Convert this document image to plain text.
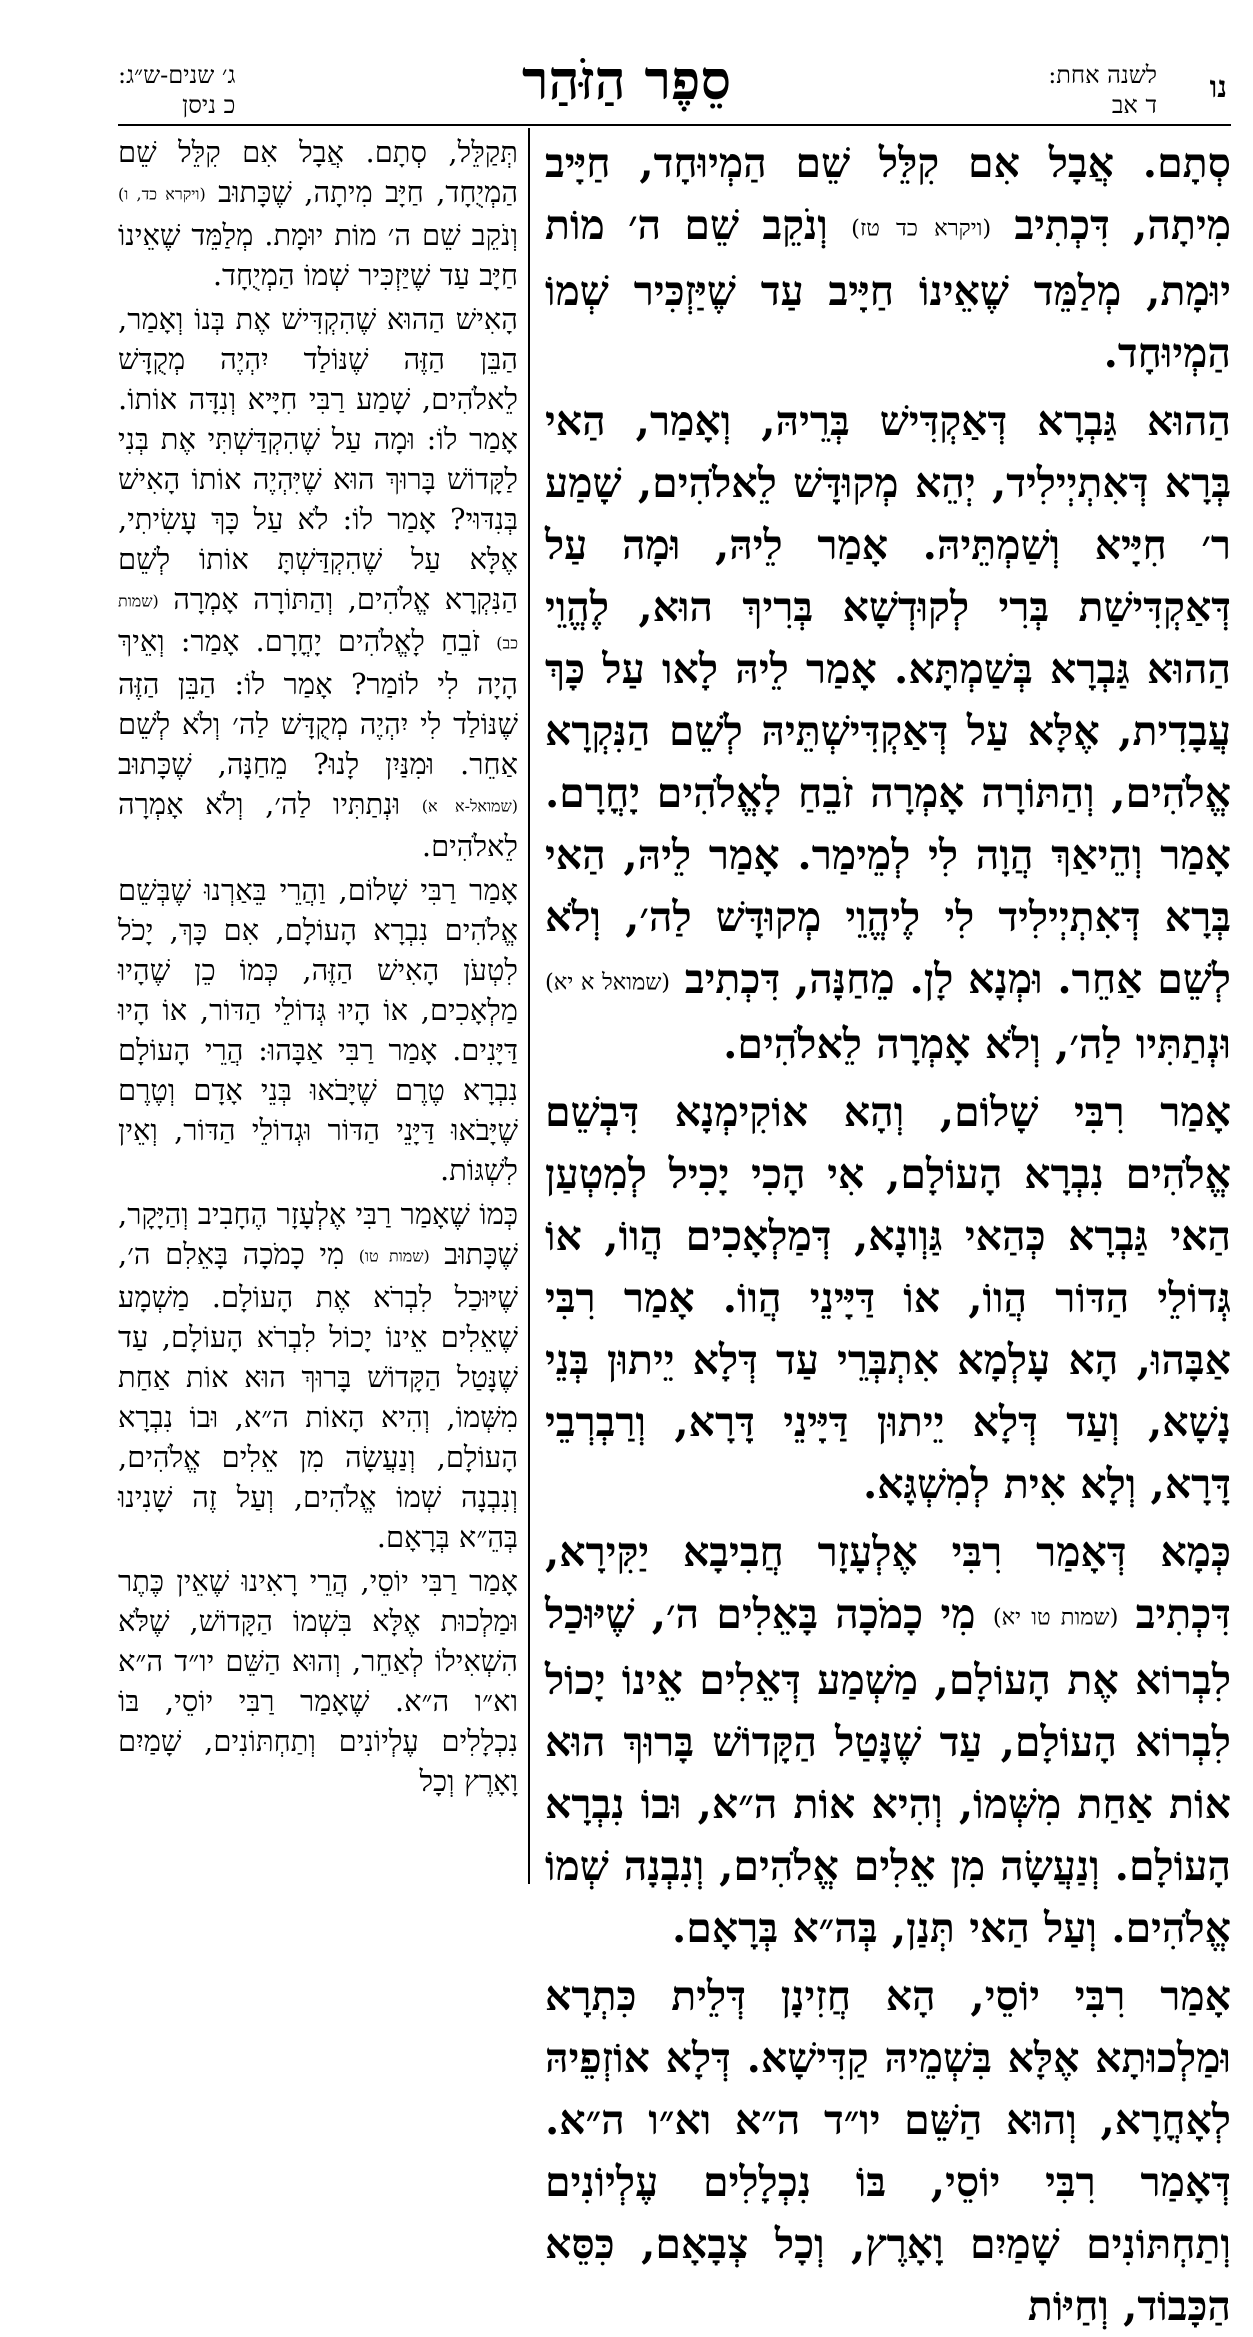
נו
לשנה אחת:
ד אב
סֵפֶר הַזֹּהַר
ג׳ שנים-ש״ג:
כ ניסן

סְתָם. אֲבָל אִם קִלֵּל שֵׁם הַמְיוּחָד, חַיָּיב מִיתָה, דִּכְתִיב (ויקרא כד טז) וְנֹקֵב שֵׁם ה׳ מוֹת יוּמָת, מְלַמֵּד שֶׁאֵינוֹ חַיָּיב עַד שֶׁיַּזְכִּיר שְׁמוֹ הַמְיוּחָד.

הַהוּא גַּבְרָא דְּאַקְדִּישׁ בְּרֵיהּ, וְאָמַר, הַאי בְּרָא דְּאִתְיְילִיד, יְהֵא מְקוּדָּשׁ לֵאלֹהִים, שָׁמַע ר׳ חִיָּיא וְשַׁמְתֵּיהּ. אָמַר לֵיהּ, וּמָה עַל דְּאַקְדִּישַׁת בְּרִי לְקוּדְשָׁא בְּרִיךְ הוּא, לֶהֱוֵי הַהוּא גַּבְרָא בְּשַׁמְתָּא. אָמַר לֵיהּ לָאו עַל כָּךְ עֲבָדִית, אֶלָּא עַל דְּאַקְדִּישְׁתֵּיהּ לְשֵׁם הַנִּקְרָא אֱלֹהִים, וְהַתּוֹרָה אָמְרָה זֹבֵחַ לָאֱלֹהִים יָחֳרָם. אָמַר וְהֵיאַךְ הֲוָה לִי לְמֵימַר. אָמַר לֵיהּ, הַאי בְּרָא דְּאִתְיְילִיד לִי לֶיהֱוֵי מְקוּדָּשׁ לַה׳, וְלֹא לְשֵׁם אַחֵר. וּמְנָא לָן. מֵחַנָּה, דִּכְתִיב (שמואל א יא) וּנְתַתִּיו לַה׳, וְלֹא אָמְרָה לֵאלֹהִים.

אָמַר רִבִּי שָׁלוֹם, וְהָא אוֹקִימְנָא דִּבְשֵׁם אֱלֹהִים נִבְרָא הָעוֹלָם, אִי הָכִי יָכִיל לְמִטְעַן הַאי גַּבְרָא כְּהַאי גַּוְונָא, דְּמַלְאָכִים הֲווֹ, אוֹ גְּדוֹלֵי הַדּוֹר הֲווֹ, אוֹ דַּיָּינֵי הֲווֹ. אָמַר רִבִּי אַבָּהוּ, הָא עָלְמָא אִתְבְּרֵי עַד דְּלָא יֵיתוּן בְּנֵי נָשָׁא, וְעַד דְּלָא יֵיתוּן דַּיָּינֵי דָּרָא, וְרַבְרְבֵי דָּרָא, וְלָא אִית לְמִשְׁגָּא.

כְּמָא דְּאָמַר רִבִּי אֶלְעָזָר חֲבִיבָא יַקִּירָא, דִּכְתִיב (שמות טו יא) מִי כָמֹכָה בָּאֵלִים ה׳, שֶׁיּוּכַל לִבְרוֹא אֶת הָעוֹלָם, מַשְׁמַע דְּאֵלִים אֵינוֹ יָכוֹל לִבְרוֹא הָעוֹלָם, עַד שֶׁנָּטַל הַקָּדוֹשׁ בָּרוּךְ הוּא אוֹת אַחַת מִשְּׁמוֹ, וְהִיא אוֹת ה״א, וּבוֹ נִבְרָא הָעוֹלָם. וְנַעֲשָׂה מִן אֵלִים אֱלֹהִים, וְנִבְנָה שְׁמוֹ אֱלֹהִים. וְעַל הַאי תְּנַן, בְּה״א בְּרָאָם.

אָמַר רִבִּי יוֹסֵי, הָא חֲזִינָן דְּלֵית כִּתְרָא וּמַלְכוּתָא אֶלָּא בִּשְׁמֵיהּ קַדִּישָׁא. דְּלָא אוֹזְפֵיהּ לְאָחֳרָא, וְהוּא הַשֵּׁם יו״ד ה״א וא״ו ה״א. דְּאָמַר רִבִּי יוֹסֵי, בּוֹ נִכְלָלִים עֶלְיוֹנִים וְתַחְתּוֹנִים שָׁמַיִם וָאָרֶץ, וְכָל צְבָאָם, כִּסֵּא הַכָּבוֹד, וְחַיּוֹת

תְּקַלֵּל, סְתָם. אֲבָל אִם קִלֵּל שֵׁם הַמְיֻחָד, חַיָּב מִיתָה, שֶׁכָּתוּב (ויקרא כד, ו) וְנֹקֵב שֵׁם ה׳ מוֹת יוּמָת. מְלַמֵּד שֶׁאֵינוֹ חַיָּב עַד שֶׁיַּזְכִּיר שְׁמוֹ הַמְיֻחָד.

הָאִישׁ הַהוּא שֶׁהִקְדִּישׁ אֶת בְּנוֹ וְאָמַר, הַבֵּן הַזֶּה שֶׁנּוֹלַד יִהְיֶה מְקֻדָּשׁ לֵאלֹהִים, שָׁמַע רַבִּי חִיָּיא וְנִדָּה אוֹתוֹ. אָמַר לוֹ: וּמָה עַל שֶׁהִקְדַּשְׁתִּי אֶת בְּנִי לַקָּדוֹשׁ בָּרוּךְ הוּא שֶׁיִּהְיֶה אוֹתוֹ הָאִישׁ בְּנִדּוּי? אָמַר לוֹ: לֹא עַל כָּךְ עָשִׂיתִי, אֶלָּא עַל שֶׁהִקְדַּשְׁתָּ אוֹתוֹ לְשֵׁם הַנִּקְרָא אֱלֹהִים, וְהַתּוֹרָה אָמְרָה (שמות כב) זֹבֵחַ לָאֱלֹהִים יָחֳרָם. אָמַר: וְאֵיךְ הָיָה לִי לוֹמַר? אָמַר לוֹ: הַבֵּן הַזֶּה שֶׁנּוֹלַד לִי יִהְיֶה מְקֻדָּשׁ לַה׳ וְלֹא לְשֵׁם אַחֵר. וּמִנַּיִן לָנוּ? מֵחַנָּה, שֶׁכָּתוּב (שמואל-א א) וּנְתַתִּיו לַה׳, וְלֹא אָמְרָה לֵאלֹהִים.

אָמַר רַבִּי שָׁלוֹם, וַהֲרֵי בֵּאַרְנוּ שֶׁבְּשֵׁם אֱלֹהִים נִבְרָא הָעוֹלָם, אִם כָּךְ, יָכֹל לִטְעֹן הָאִישׁ הַזֶּה, כְּמוֹ כֵן שֶׁהָיוּ מַלְאָכִים, אוֹ הָיוּ גְּדוֹלֵי הַדּוֹר, אוֹ הָיוּ דַּיָּנִים. אָמַר רַבִּי אַבָּהוּ: הֲרֵי הָעוֹלָם נִבְרָא טֶרֶם שֶׁיָּבֹאוּ בְּנֵי אָדָם וְטֶרֶם שֶׁיָּבֹאוּ דַּיָּנֵי הַדּוֹר וּגְדוֹלֵי הַדּוֹר, וְאֵין לִשְׁגּוֹת.

כְּמוֹ שֶׁאָמַר רַבִּי אֶלְעָזָר הֶחָבִיב וְהַיָּקָר, שֶׁכָּתוּב (שמות טו) מִי כָמֹכָה בָּאֵלִם ה׳, שֶׁיּוּכַל לִבְרֹא אֶת הָעוֹלָם. מַשְׁמָע שֶׁאֵלִים אֵינוֹ יָכוֹל לִבְרֹא הָעוֹלָם, עַד שֶׁנָּטַל הַקָּדוֹשׁ בָּרוּךְ הוּא אוֹת אַחַת מִשְּׁמוֹ, וְהִיא הָאוֹת ה״א, וּבוֹ נִבְרָא הָעוֹלָם, וְנַעֲשָׂה מִן אֵלִים אֱלֹהִים, וְנִבְנָה שְׁמוֹ אֱלֹהִים, וְעַל זֶה שָׁנִינוּ בְּהֵ״א בְּרָאָם.

אָמַר רַבִּי יוֹסֵי, הֲרֵי רָאִינוּ שֶׁאֵין כֶּתֶר וּמַלְכוּת אֶלָּא בִּשְׁמוֹ הַקָּדוֹשׁ, שֶׁלֹּא הִשְׁאִילוֹ לְאַחֵר, וְהוּא הַשֵּׁם יו״ד ה״א וא״ו ה״א. שֶׁאָמַר רַבִּי יוֹסֵי, בּוֹ נִכְלָלִים עֶלְיוֹנִים וְתַחְתּוֹנִים, שָׁמַיִם וָאָרֶץ וְכָל
